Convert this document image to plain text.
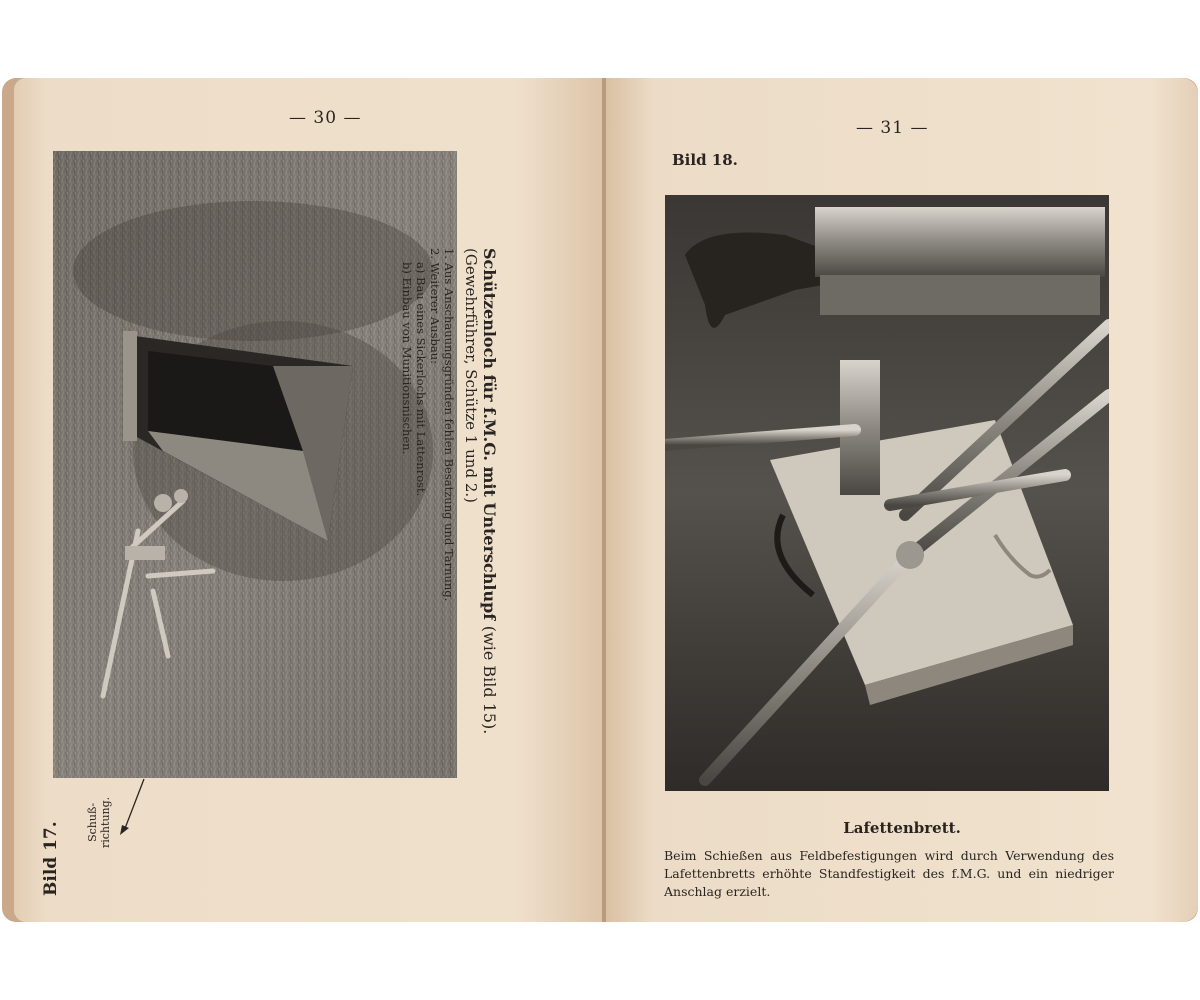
— 30 —
Schützenloch für f.M.G. mit Unterschlupf (wie Bild 15).
(Gewehrführer, Schütze 1 und 2.)
1. Aus Anschauungsgründen fehlen Besatzung und Tarnung.
2. Weiterer Ausbau:
a) Bau eines Sickerlochs mit Lattenrost.
b) Einbau von Munitionsnischen.
Bild 17. Schuß- richtung.
— 31 —
Bild 18.
Lafettenbrett.
Beim Schießen aus Feldbefestigungen wird durch Verwendung des Lafettenbretts erhöhte Standfestigkeit des f.M.G. und ein niedriger Anschlag erzielt.
